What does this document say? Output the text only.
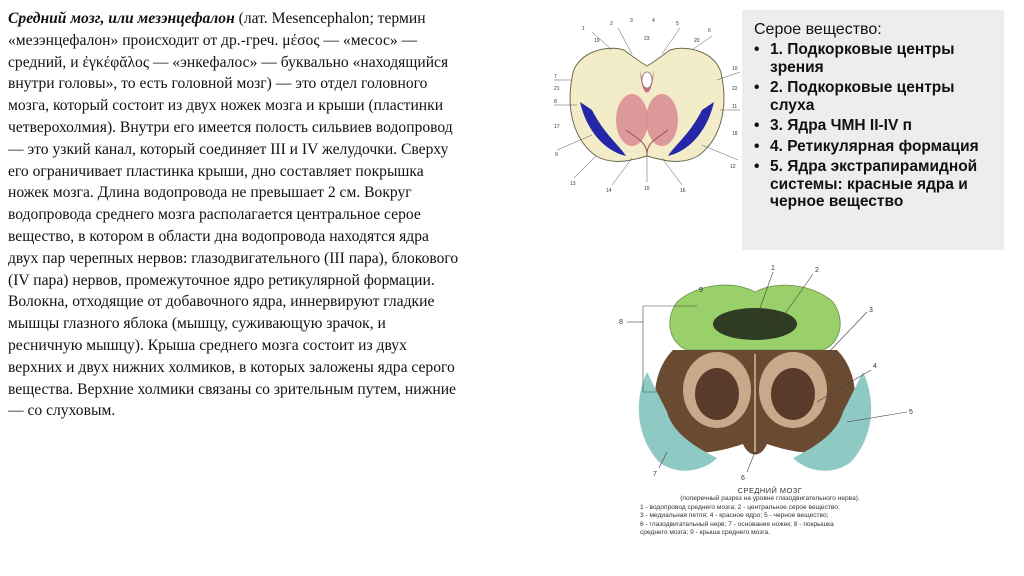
Средний мозг, или мезэнцефалон (лат. Mesencephalon; термин
«мезэнцефалон» происходит от др.-греч. μέσος — «месос» —
средний, и ἐγκέφᾰλος — «энкефалос» — буквально «находящийся
внутри головы», то есть головной мозг) — это отдел головного
мозга, который состоит из двух ножек мозга и крыши (пластинки
четверохолмия). Внутри его имеется полость сильвиев водопровод
— это узкий канал, который соединяет III и IV желудочки. Сверху
его ограничивает пластинка крыши, дно составляет покрышка
ножек мозга. Длина водопровода не превышает 2 см. Вокруг
водопровода среднего мозга располагается центральное серое
вещество, в котором в области дна водопровода находятся ядра
двух пар черепных нервов: глазодвигательного (III пара), блокового
(IV пара) нервов, промежуточное ядро ретикулярной формации.
Волокна, отходящие от добавочного ядра, иннервируют гладкие
мышцы глазного яблока (мышцу, суживающую зрачок, и
ресничную мышцу). Крыша среднего мозга состоит из двух
верхних и двух нижних холмиков, в которых заложены ядра серого
вещества. Верхние холмики связаны со зрительным путем, нижние
— со слуховым.
1
2	3	4	5
6
7
8
9
10
11
12
13
14	15	16
17
18
19	20
21	22
23
Серое вещество:
• 1. Подкорковые центры зрения
• 2. Подкорковые центры слуха
• 3. Ядра ЧМН II-IV п
• 4. Ретикулярная формация
• 5. Ядра экстрапирамидной системы: красные ядра и черное вещество
1	2
3
4
5
6
7
8
9
СРЕДНИЙ МОЗГ
(поперечный разрез на уровне глазодвигательного нерва).
1 - водопровод среднего мозга; 2 - центральное серое вещество;
3 - медиальная петля; 4 - красное ядро; 5 - черное вещество;
6 - глазодвигательный нерв; 7 - основание ножек; 8 - покрышка
среднего мозга; 9 - крыша среднего мозга.
